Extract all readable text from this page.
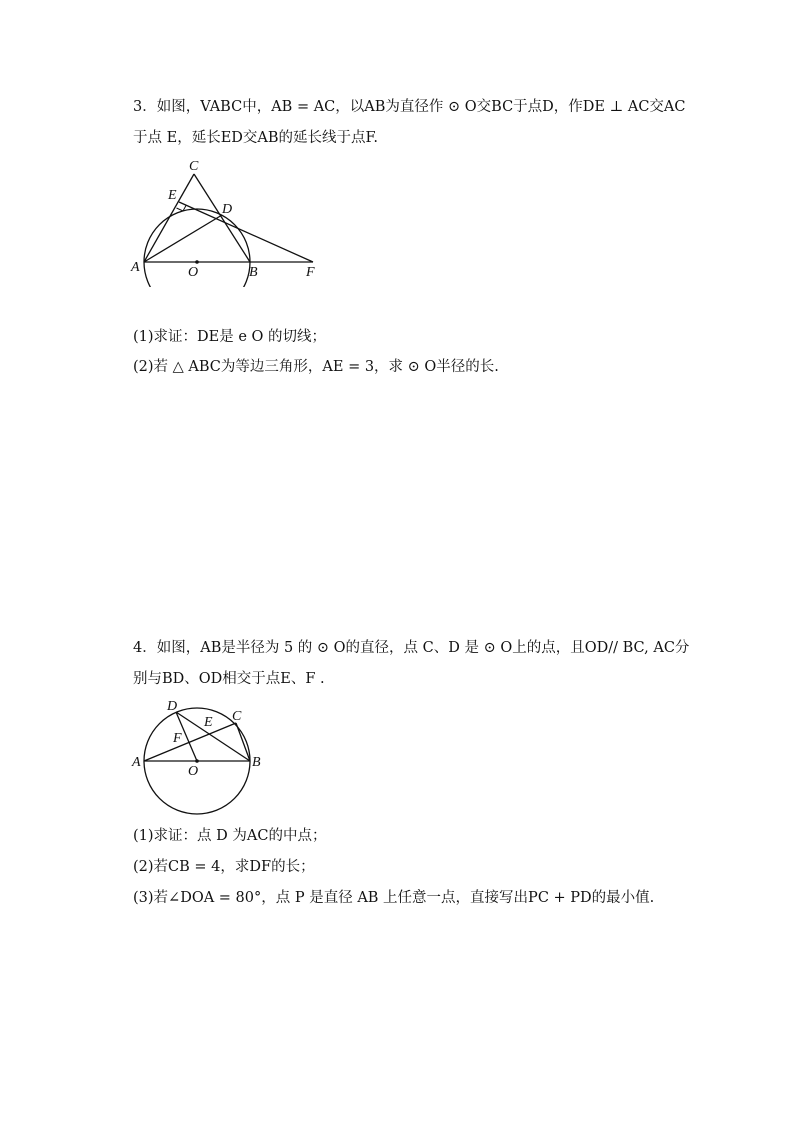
3．如图，VABC中，AB = AC，以AB为直径作 ⊙ O交BC于点D，作DE ⊥ AC交AC
于点 E，延长ED交AB的延长线于点F.
C
E
D
A	O	B	F
(1)求证：DE是 e O 的切线；
(2)若 △ ABC为等边三角形，AE = 3，求 ⊙ O半径的长.
4．如图，AB是半径为 5 的 ⊙ O的直径，点 C、D 是 ⊙ O上的点，且OD// BC, AC分
别与BD、OD相交于点E、F .
D
E C
F
A
O
B
(1)求证：点 D 为AC的中点；
(2)若CB = 4，求DF的长；
(3)若∠DOA = 80°，点 P 是直径 AB 上任意一点，直接写出PC + PD的最小值.
